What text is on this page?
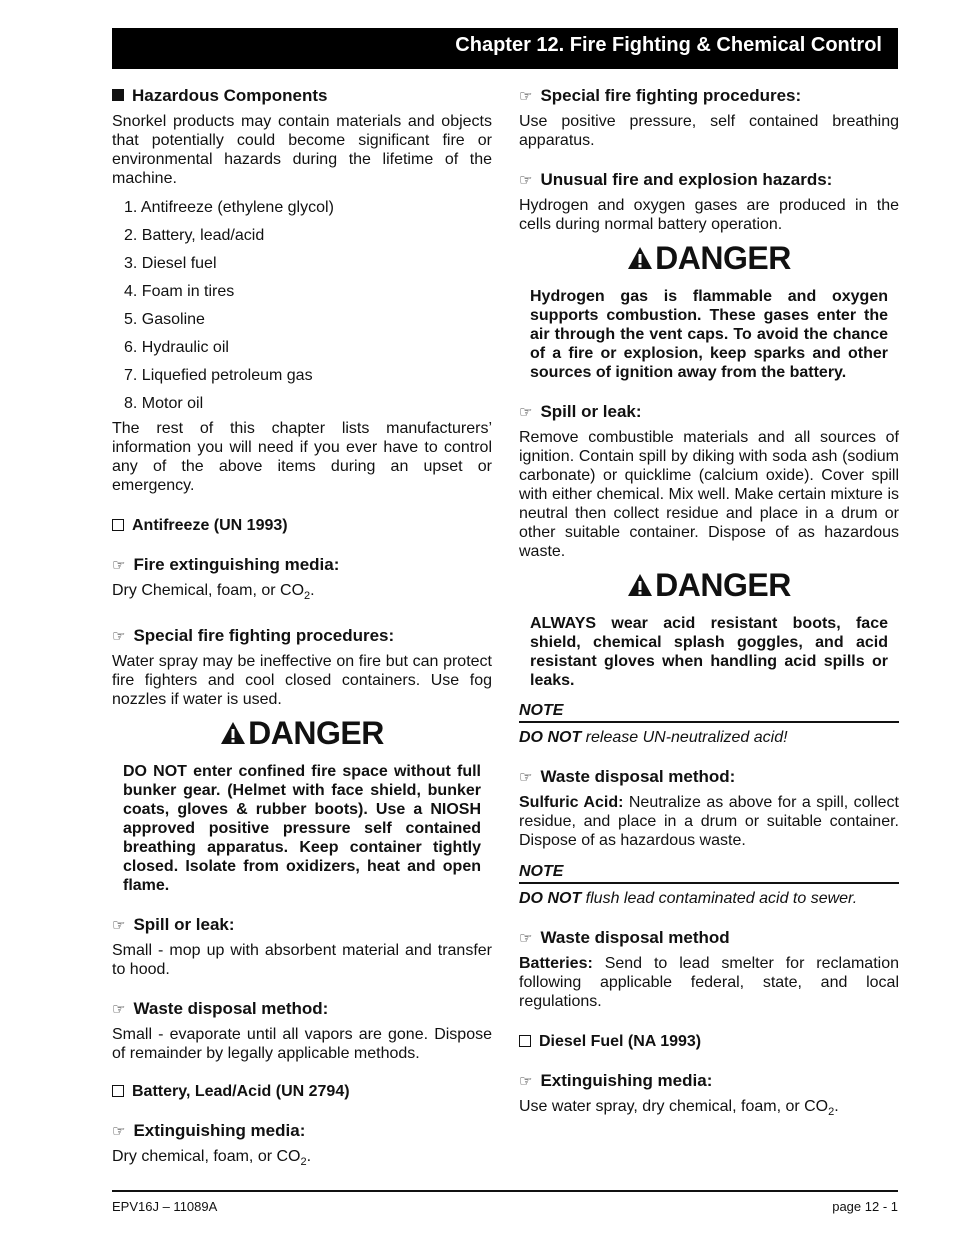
Chapter 12. Fire Fighting & Chemical Control
Hazardous Components

Snorkel products may contain materials and objects that potentially could become significant fire or environmental hazards during the lifetime of the machine.

1. Antifreeze (ethylene glycol)
2. Battery, lead/acid
3. Diesel fuel
4. Foam in tires
5. Gasoline
6. Hydraulic oil
7. Liquefied petroleum gas
8. Motor oil

The rest of this chapter lists manufacturers’ information you will need if you ever have to control any of the above items during an upset or emergency.

Antifreeze (UN 1993)
☞ Fire extinguishing media:

Dry Chemical, foam, or $CO_2$.

☞ Special fire fighting procedures:

Water spray may be ineffective on fire but can protect fire fighters and cool closed containers. Use fog nozzles if water is used.

DANGER

DO NOT enter confined fire space without full bunker gear. (Helmet with face shield, bunker coats, gloves & rubber boots). Use a NIOSH approved positive pressure self contained breathing apparatus. Keep container tightly closed. Isolate from oxidizers, heat and open flame.

☞ Spill or leak:

Small - mop up with absorbent material and transfer to hood.

☞ Waste disposal method:

Small - evaporate until all vapors are gone. Dispose of remainder by legally applicable methods.

Battery, Lead/Acid (UN 2794)
☞ Extinguishing media:

Dry chemical, foam, or $CO_2$.

☞ Special fire fighting procedures:

Use positive pressure, self contained breathing apparatus.

☞ Unusual fire and explosion hazards:

Hydrogen and oxygen gases are produced in the cells during normal battery operation.

DANGER

Hydrogen gas is flammable and oxygen supports combustion. These gases enter the air through the vent caps. To avoid the chance of a fire or explosion, keep sparks and other sources of ignition away from the battery.

☞ Spill or leak:

Remove combustible materials and all sources of ignition. Contain spill by diking with soda ash (sodium carbonate) or quicklime (calcium oxide). Cover spill with either chemical. Mix well. Make certain mixture is neutral then collect residue and place in a drum or other suitable container. Dispose of as hazardous waste.

DANGER

ALWAYS wear acid resistant boots, face shield, chemical splash goggles, and acid resistant gloves when handling acid spills or leaks.

NOTE

DO NOT release UN-neutralized acid!

☞ Waste disposal method:

Sulfuric Acid: Neutralize as above for a spill, collect residue, and place in a drum or suitable container. Dispose of as hazardous waste.

NOTE

DO NOT flush lead contaminated acid to sewer.

☞ Waste disposal method

Batteries: Send to lead smelter for reclamation following applicable federal, state, and local regulations.

Diesel Fuel (NA 1993)
☞ Extinguishing media:

Use water spray, dry chemical, foam, or $CO_2$.

EPV16J – 11089A	page 12 - 1
